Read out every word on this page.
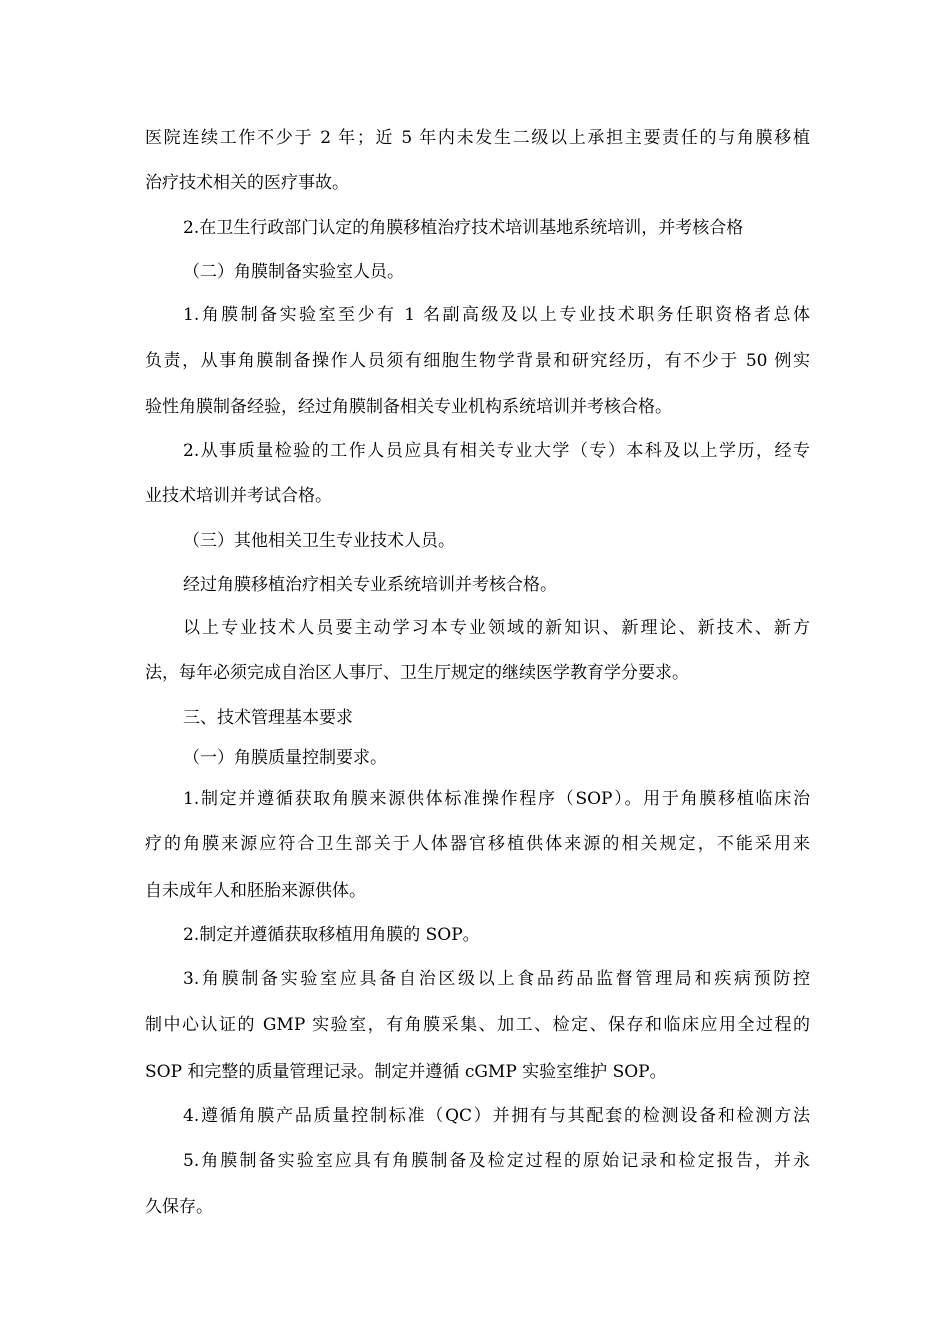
医院连续工作不少于 2 年；近 5 年内未发生二级以上承担主要责任的与角膜移植
治疗技术相关的医疗事故。
2.在卫生行政部门认定的角膜移植治疗技术培训基地系统培训，并考核合格
（二）角膜制备实验室人员。
1.角膜制备实验室至少有 1 名副高级及以上专业技术职务任职资格者总体
负责，从事角膜制备操作人员须有细胞生物学背景和研究经历，有不少于 50 例实
验性角膜制备经验，经过角膜制备相关专业机构系统培训并考核合格。
2.从事质量检验的工作人员应具有相关专业大学（专）本科及以上学历，经专
业技术培训并考试合格。
（三）其他相关卫生专业技术人员。
经过角膜移植治疗相关专业系统培训并考核合格。
以上专业技术人员要主动学习本专业领域的新知识、新理论、新技术、新方
法，每年必须完成自治区人事厅、卫生厅规定的继续医学教育学分要求。
三、技术管理基本要求
（一）角膜质量控制要求。
1.制定并遵循获取角膜来源供体标准操作程序（SOP）。用于角膜移植临床治
疗的角膜来源应符合卫生部关于人体器官移植供体来源的相关规定，不能采用来
自未成年人和胚胎来源供体。
2.制定并遵循获取移植用角膜的 SOP。
3.角膜制备实验室应具备自治区级以上食品药品监督管理局和疾病预防控
制中心认证的 GMP 实验室，有角膜采集、加工、检定、保存和临床应用全过程的
SOP 和完整的质量管理记录。制定并遵循 cGMP 实验室维护 SOP。
4.遵循角膜产品质量控制标准（QC）并拥有与其配套的检测设备和检测方法
5.角膜制备实验室应具有角膜制备及检定过程的原始记录和检定报告，并永
久保存。
